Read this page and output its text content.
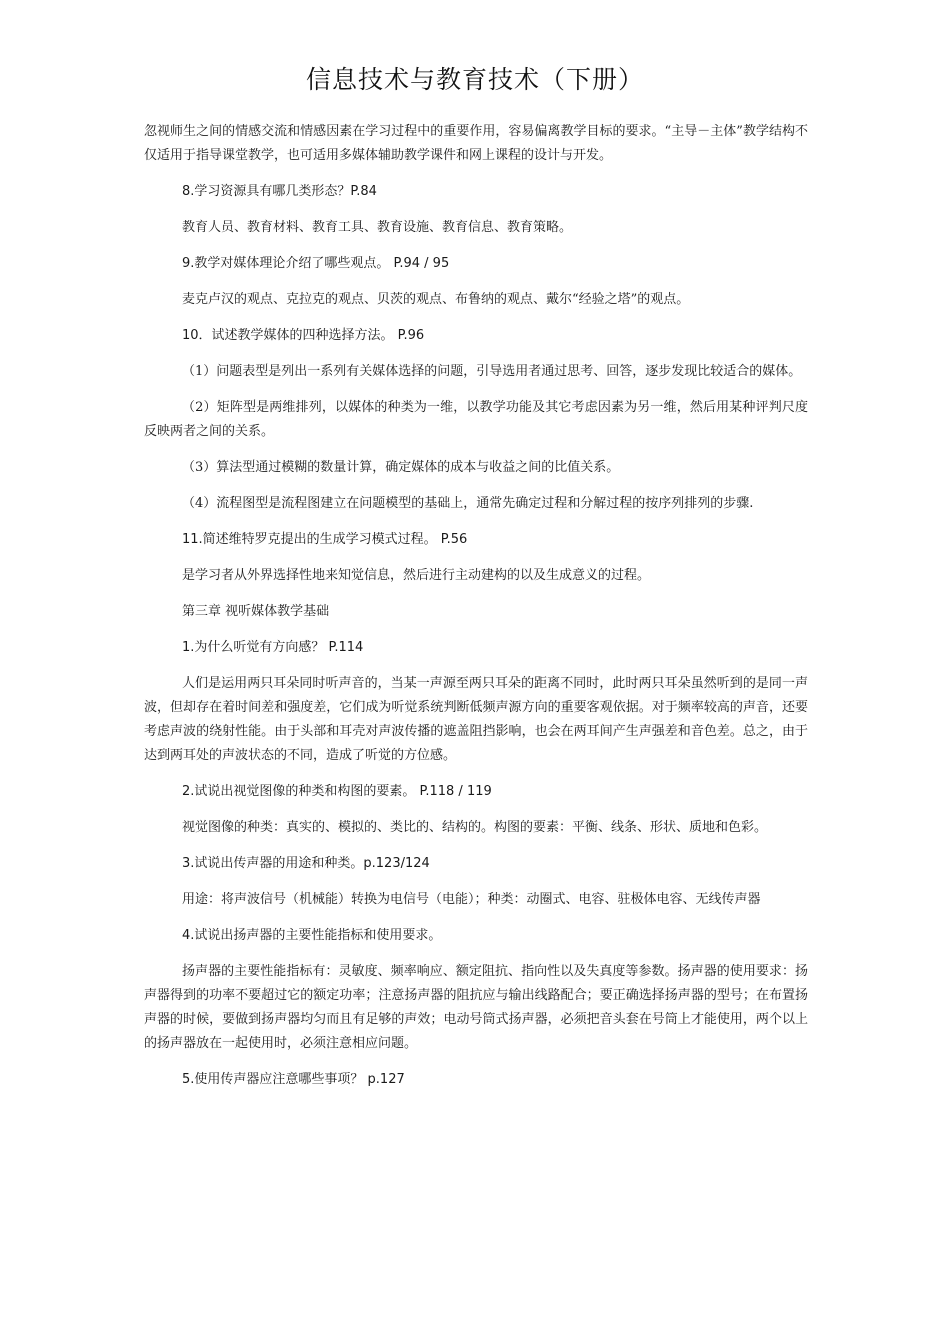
信息技术与教育技术（下册）

忽视师生之间的情感交流和情感因素在学习过程中的重要作用，容易偏离教学目标的要求。“主导－主体”教学结构不仅适用于指导课堂教学，也可适用多媒体辅助教学课件和网上课程的设计与开发。

8.学习资源具有哪几类形态？P.84

教育人员、教育材料、教育工具、教育设施、教育信息、教育策略。

9.教学对媒体理论介绍了哪些观点。 P.94 / 95

麦克卢汉的观点、克拉克的观点、贝茨的观点、布鲁纳的观点、戴尔“经验之塔”的观点。

10．试述教学媒体的四种选择方法。 P.96

（1）问题表型是列出一系列有关媒体选择的问题，引导选用者通过思考、回答，逐步发现比较适合的媒体。

（2）矩阵型是两维排列，以媒体的种类为一维，以教学功能及其它考虑因素为另一维，然后用某种评判尺度反映两者之间的关系。

（3）算法型通过模糊的数量计算，确定媒体的成本与收益之间的比值关系。

（4）流程图型是流程图建立在问题模型的基础上，通常先确定过程和分解过程的按序列排列的步骤.

11.简述维特罗克提出的生成学习模式过程。 P.56

是学习者从外界选择性地来知觉信息，然后进行主动建构的以及生成意义的过程。

第三章 视听媒体教学基础

1.为什么听觉有方向感？ P.114

人们是运用两只耳朵同时听声音的，当某一声源至两只耳朵的距离不同时，此时两只耳朵虽然听到的是同一声波，但却存在着时间差和强度差，它们成为听觉系统判断低频声源方向的重要客观依据。对于频率较高的声音，还要考虑声波的绕射性能。由于头部和耳壳对声波传播的遮盖阻挡影响，也会在两耳间产生声强差和音色差。总之，由于达到两耳处的声波状态的不同，造成了听觉的方位感。

2.试说出视觉图像的种类和构图的要素。 P.118 / 119

视觉图像的种类：真实的、模拟的、类比的、结构的。构图的要素：平衡、线条、形状、质地和色彩。

3.试说出传声器的用途和种类。p.123/124

用途：将声波信号（机械能）转换为电信号（电能）；种类：动圈式、电容、驻极体电容、无线传声器

4.试说出扬声器的主要性能指标和使用要求。

扬声器的主要性能指标有：灵敏度、频率响应、额定阻抗、指向性以及失真度等参数。扬声器的使用要求：扬声器得到的功率不要超过它的额定功率；注意扬声器的阻抗应与输出线路配合；要正确选择扬声器的型号；在布置扬声器的时候，要做到扬声器均匀而且有足够的声效；电动号筒式扬声器，必须把音头套在号筒上才能使用，两个以上的扬声器放在一起使用时，必须注意相应问题。

5.使用传声器应注意哪些事项？ p.127
